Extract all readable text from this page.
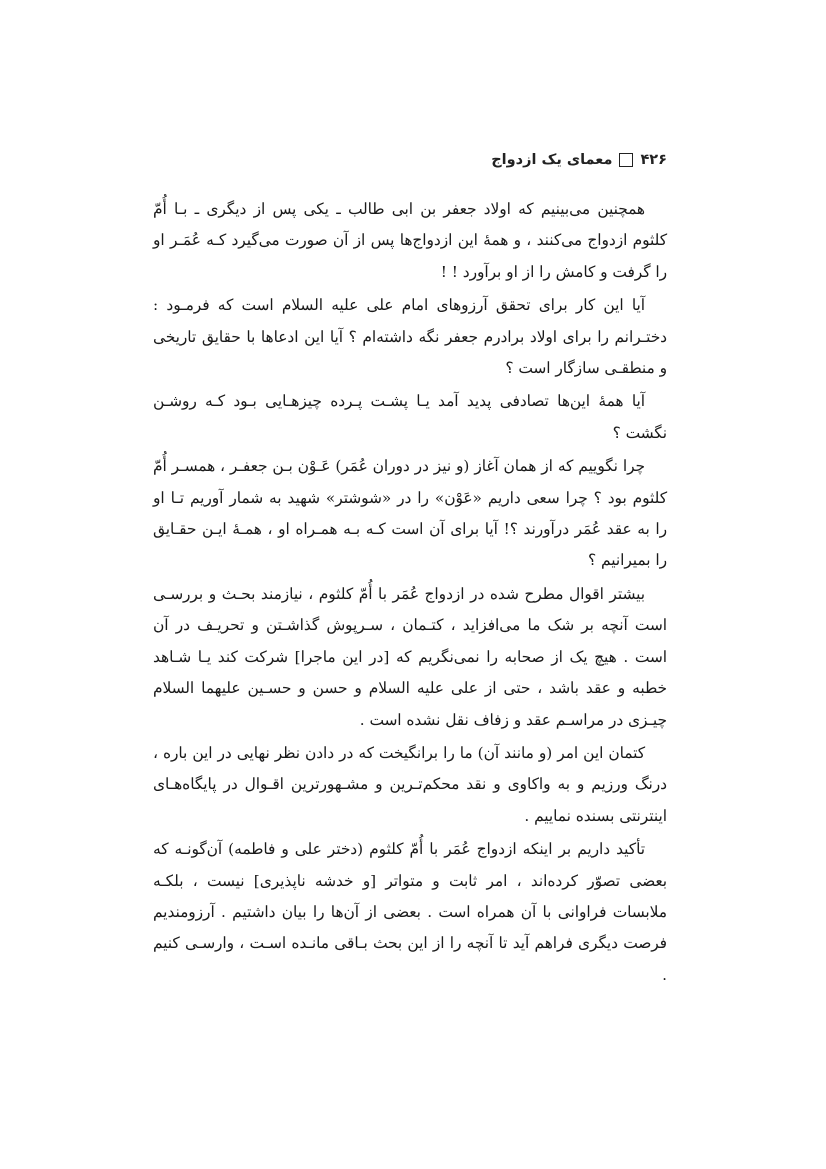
۴۲۶
معمای یک ازدواج

همچنین می‌بینیم که اولاد جعفر بن ابی طالب ـ یکی پس از دیگری ـ بـا أُمّ کلثوم ازدواج می‌کنند ، و همهٔ این ازدواج‌ها پس از آن صورت می‌گیرد کـه عُمَـر او را گرفت و کامش را از او برآورد ! !

آیا این کار برای تحقق آرزوهای امام علی علیه السلام است که فرمـود : دختـرانم را برای اولاد برادرم جعفر نگه داشته‌ام ؟ آیا این ادعاها با حقایق تاریخی و منطقـی سازگار است ؟

آیا همهٔ این‌ها تصادفی پدید آمد یـا پشـت پـرده چیزهـایی بـود کـه روشـن نگشت ؟

چرا نگوییم که از همان آغاز (و نیز در دوران عُمَر) عَـوْن بـن جعفـر ، همسـر أُمّ کلثوم بود ؟ چرا سعی داریم «عَوْن» را در «شوشتر» شهید به شمار آوریم تـا او را به عقد عُمَر درآورند ؟! آیا برای آن است کـه بـه همـراه او ، همـهٔ ایـن حقـایق را بمیرانیم ؟

بیشتر اقوال مطرح شده در ازدواج عُمَر با أُمّ کلثوم ، نیازمند بحـث و بررسـی است آنچه بر شک ما می‌افزاید ، کتـمان ، سـرپوش گذاشـتن و تحریـف در آن است . هیچ یک از صحابه را نمی‌نگریم که [در این ماجرا] شرکت کند یـا شـاهد خطبه و عقد باشد ، حتی از علی علیه السلام و حسن و حسـین علیهما السلام چیـزی در مراسـم عقد و زفاف نقل نشده است .

کتمان این امر (و مانند آن) ما را برانگیخت که در دادن نظر نهایی در این باره ، درنگ ورزیم و به واکاوی و نقد محکم‌تـرین و مشـهورترین اقـوال در پایگاه‌هـای اینترنتی بسنده نماییم .

تأکید داریم بر اینکه ازدواج عُمَر با أُمّ کلثوم (دختر علی و فاطمه) آن‌گونـه که بعضی تصوّر کرده‌اند ، امر ثابت و متواتر [و خدشه ناپذیری] نیست ، بلکـه ملابسات فراوانی با آن همراه است . بعضی از آن‌ها را بیان داشتیم . آرزومندیم فرصت دیگری فراهم آید تا آنچه را از این بحث بـاقی مانـده اسـت ، وارسـی کنیم .
